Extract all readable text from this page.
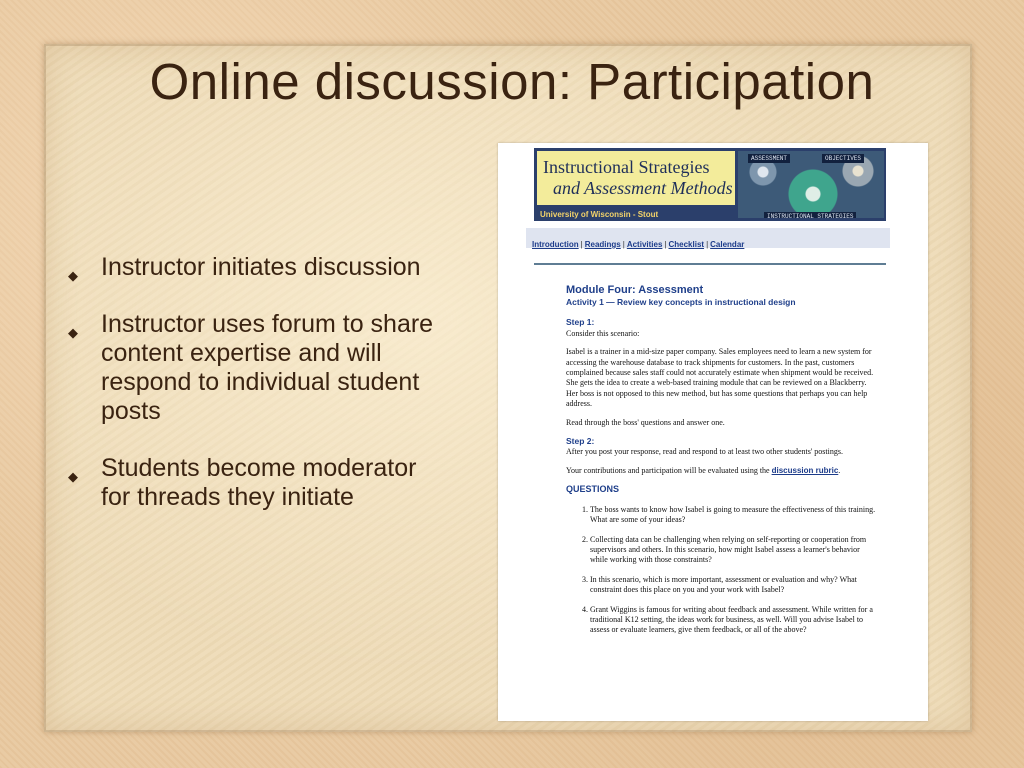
Online discussion: Participation
◆ Instructor initiates discussion
◆ Instructor uses forum to share content expertise and will respond to individual student posts
◆ Students become moderator for threads they initiate
Instructional Strategies
and Assessment Methods
University of Wisconsin - Stout
ASSESSMENT	OBJECTIVES
INSTRUCTIONAL STRATEGIES
Introduction | Readings | Activities | Checklist | Calendar

Module Four: Assessment

Activity 1 — Review key concepts in instructional design

Step 1:
Consider this scenario:

Isabel is a trainer in a mid-size paper company. Sales employees need to learn a new system for accessing the warehouse database to track shipments for customers. In the past, customers complained because sales staff could not accurately estimate when shipment would be received. She gets the idea to create a web-based training module that can be reviewed on a Blackberry. Her boss is not opposed to this new method, but has some questions that perhaps you can help address.

Read through the boss' questions and answer one.

Step 2:
After you post your response, read and respond to at least two other students' postings.

Your contributions and participation will be evaluated using the discussion rubric.

QUESTIONS

1. The boss wants to know how Isabel is going to measure the effectiveness of this training. What are some of your ideas?
2. Collecting data can be challenging when relying on self-reporting or cooperation from supervisors and others. In this scenario, how might Isabel assess a learner's behavior while working with those constraints?
3. In this scenario, which is more important, assessment or evaluation and why? What constraint does this place on you and your work with Isabel?
4. Grant Wiggins is famous for writing about feedback and assessment. While written for a traditional K12 setting, the ideas work for business, as well. Will you advise Isabel to assess or evaluate learners, give them feedback, or all of the above?
